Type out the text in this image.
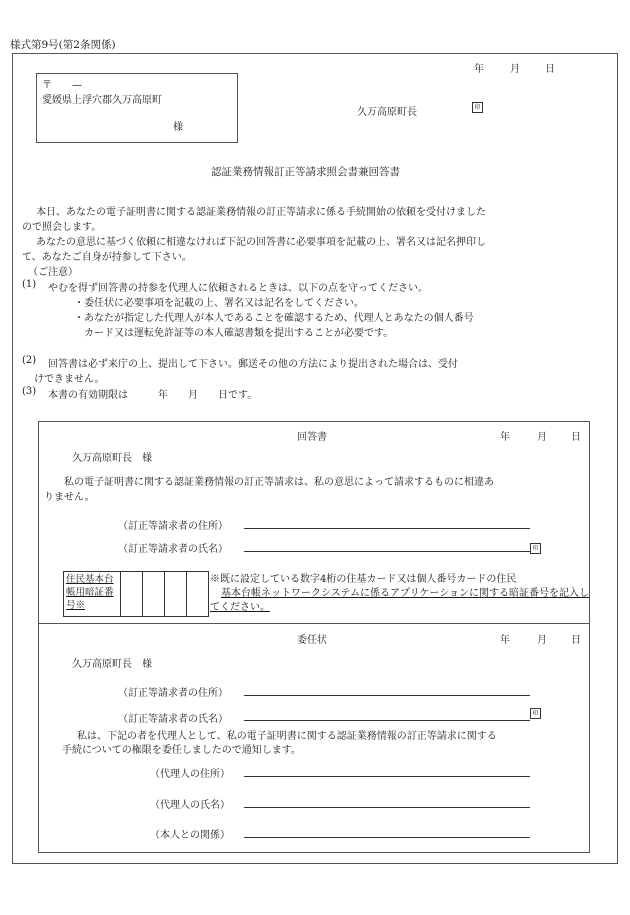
様式第9号(第2条関係)
年	月	日
〒　　—
愛媛県上浮穴郡久万高原町
様
久万高原町長	印
認証業務情報訂正等請求照会書兼回答書
本日、あなたの電子証明書に関する認証業務情報の訂正等請求に係る手続開始の依頼を受付けました
ので照会します。
あなたの意思に基づく依頼に相違なければ下記の回答書に必要事項を記載の上、署名又は記名押印し
て、あなたご自身が持参して下さい。
（ご注意）
(1) やむを得ず回答書の持参を代理人に依頼されるときは、以下の点を守ってください。
・委任状に必要事項を記載の上、署名又は記名をしてください。
・あなたが指定した代理人が本人であることを確認するため、代理人とあなたの個人番号
カード又は運転免許証等の本人確認書類を提出することが必要です。
(2) 回答書は必ず来庁の上、提出して下さい。郵送その他の方法により提出された場合は、受付
けできません。
(3) 本書の有効期限は　　　年　　月　　日です。
回答書	年	月 日
久万高原町長　様
私の電子証明書に関する認証業務情報の訂正等請求は、私の意思によって請求するものに相違あ
りません。
（訂正等請求者の住所）
（訂正等請求者の氏名）	印
住民基本台帳用暗証番号※
※既に設定している数字4桁の住基カード又は個人番号カードの住民
基本台帳ネットワークシステムに係るアプリケーションに関する暗証番号を記入してください。
委任状	年	月 日
久万高原町長　様
（訂正等請求者の住所）
（訂正等請求者の氏名）
印
私は、下記の者を代理人として、私の電子証明書に関する認証業務情報の訂正等請求に関する
手続についての権限を委任しましたので通知します。
（代理人の住所）
（代理人の氏名）
（本人との関係）
